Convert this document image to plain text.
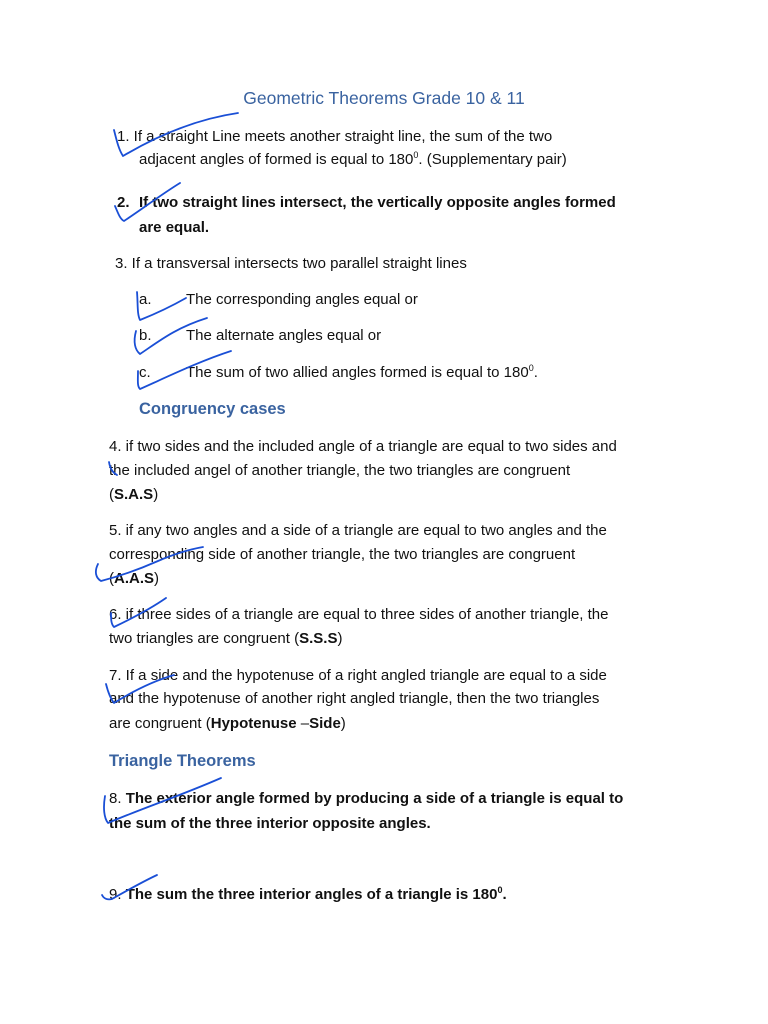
Geometric Theorems Grade 10 & 11
1. If a straight Line meets another straight line, the sum of the two
adjacent angles of formed is equal to $180^0$. (Supplementary pair)
2. If two straight lines intersect, the vertically opposite angles formed
are equal.
3. If a transversal intersects two parallel straight lines
a. The corresponding angles equal or
b. The alternate angles equal or
c. The sum of two allied angles formed is equal to $180^0$.
Congruency cases
4. if two sides and the included angle of a triangle are equal to two sides and
the included angel of another triangle, the two triangles are congruent
(S.A.S)
5. if any two angles and a side of a triangle are equal to two angles and the
corresponding side of another triangle, the two triangles are congruent
(A.A.S)
6. if three sides of a triangle are equal to three sides of another triangle, the
two triangles are congruent (S.S.S)
7. If a side and the hypotenuse of a right angled triangle are equal to a side
and the hypotenuse of another right angled triangle, then the two triangles
are congruent (Hypotenuse –Side)
Triangle Theorems
8. The exterior angle formed by producing a side of a triangle is equal to
the sum of the three interior opposite angles.
9. The sum the three interior angles of a triangle is $180^0$.
